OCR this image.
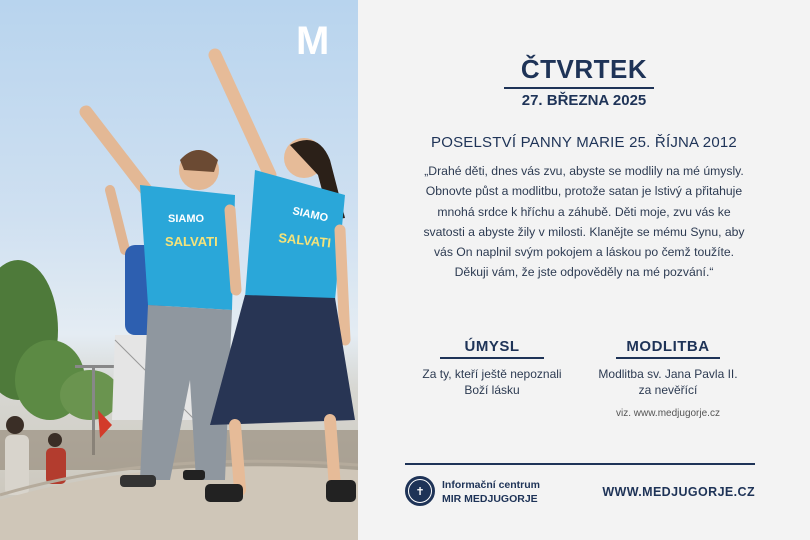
SIAMO
SALVATI
SIAMO
SALVATI
M
ČTVRTEK
27. BŘEZNA 2025
POSELSTVÍ PANNY MARIE 25. ŘÍJNA 2012
„Drahé děti, dnes vás zvu, abyste se modlily na mé úmysly.
Obnovte půst a modlitbu, protože satan je lstivý a přitahuje
mnohá srdce k hříchu a záhubě. Děti moje, zvu vás ke
svatosti a abyste žily v milosti. Klanějte se mému Synu, aby
vás On naplnil svým pokojem a láskou po čemž toužíte.
Děkuji vám, že jste odpověděly na mé pozvání.“
ÚMYSL
Za ty, kteří ještě nepoznali
Boží lásku
MODLITBA
Modlitba sv. Jana Pavla II.
za nevěřící
viz. www.medjugorje.cz
✝	Informační centrum
MIR MEDJUGORJE	WWW.MEDJUGORJE.CZ
